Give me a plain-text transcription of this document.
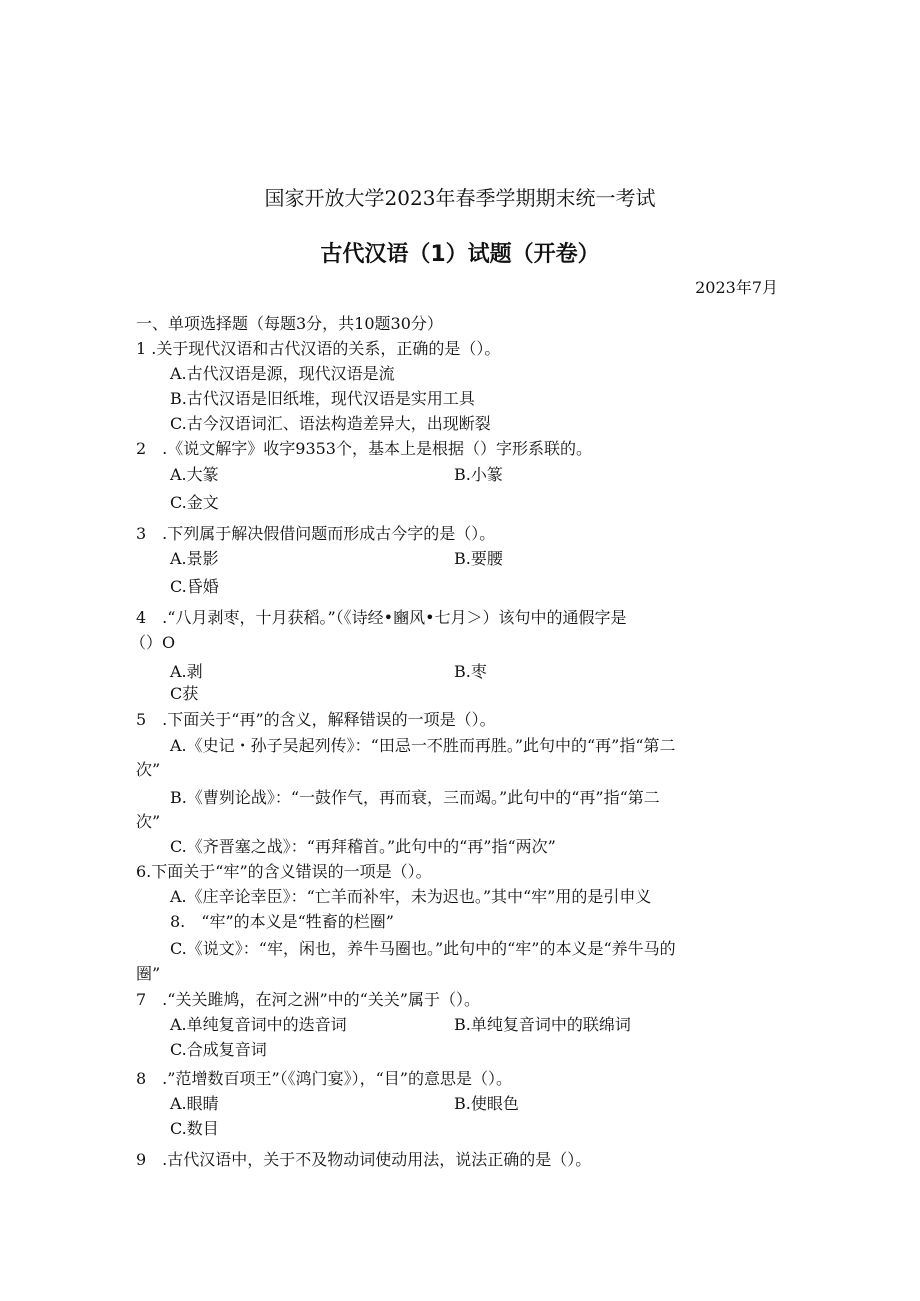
国家开放大学2023年春季学期期末统一考试
古代汉语（1）试题（开卷）
2023年7月
一、单项选择题（每题3分，共10题30分）
1 .关于现代汉语和古代汉语的关系，正确的是（）。
A.古代汉语是源，现代汉语是流
B.古代汉语是旧纸堆，现代汉语是实用工具
C.古今汉语词汇、语法构造差异大，出现断裂
2　.《说文解字》收字9353个，基本上是根据（）字形系联的。
A.大篆	B.小篆
C.金文
3　.下列属于解决假借问题而形成古今字的是（）。
A.景影	B.要腰
C.昏婚
4　.“八月剥枣，十月获稻。”（《诗经•豳风•七月＞）该句中的通假字是
（）O
A.剥	B.枣
C获
5　.下面关于“再”的含义，解释错误的一项是（）。
A.《史记・孙子吴起列传》：“田忌一不胜而再胜。”此句中的“再”指“第二
次”
B.《曹刿论战》：“一鼓作气，再而衰，三而竭。”此句中的“再”指“第二
次”
C.《齐晋塞之战》：“再拜稽首。”此句中的“再”指“两次”
6.下面关于“牢”的含义错误的一项是（）。
A.《庄辛论幸臣》：“亡羊而补牢，未为迟也。”其中“牢”用的是引申义
8.　“牢”的本义是“牲畜的栏圈”
C.《说文》：“牢，闲也，养牛马圈也。”此句中的“牢”的本义是“养牛马的
圈”
7　.“关关雎鸠，在河之洲”中的“关关”属于（）。
A.单纯复音词中的迭音词	B.单纯复音词中的联绵词
C.合成复音词
8　.”范增数百项王”（《鸿门宴》），“目”的意思是（）。
A.眼睛	B.使眼色
C.数目
9　.古代汉语中，关于不及物动词使动用法，说法正确的是（）。
